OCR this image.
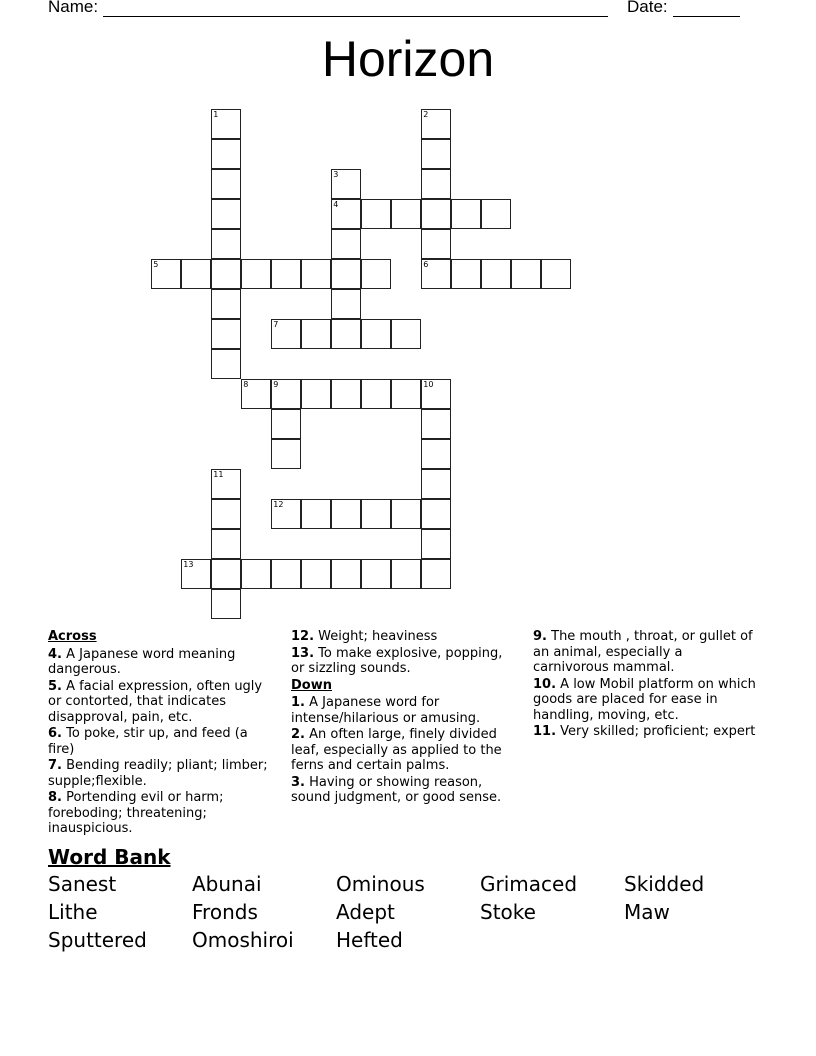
Name:	Date:
Horizon
1	2
6
3
4
5
7
8	9	10
11
12
13
Across
4. A Japanese word meaning dangerous.
5. A facial expression, often ugly or contorted, that indicates disapproval, pain, etc.
6. To poke, stir up, and feed (a fire)
7. Bending readily; pliant; limber; supple;flexible.
8. Portending evil or harm; foreboding; threatening; inauspicious.
12. Weight; heaviness
13. To make explosive, popping, or sizzling sounds.
Down
1. A Japanese word for intense/hilarious or amusing.
2. An often large, finely divided leaf, especially as applied to the ferns and certain palms.
3. Having or showing reason, sound judgment, or good sense.
9. The mouth , throat, or gullet of an animal, especially a carnivorous mammal.
10. A low Mobil platform on which goods are placed for ease in handling, moving, etc.
11. Very skilled; proficient; expert
Word Bank
Sanest	Abunai	Ominous	Grimaced	Skidded
Lithe	Fronds	Adept	Stoke	Maw
Sputtered	Omoshiroi	Hefted
